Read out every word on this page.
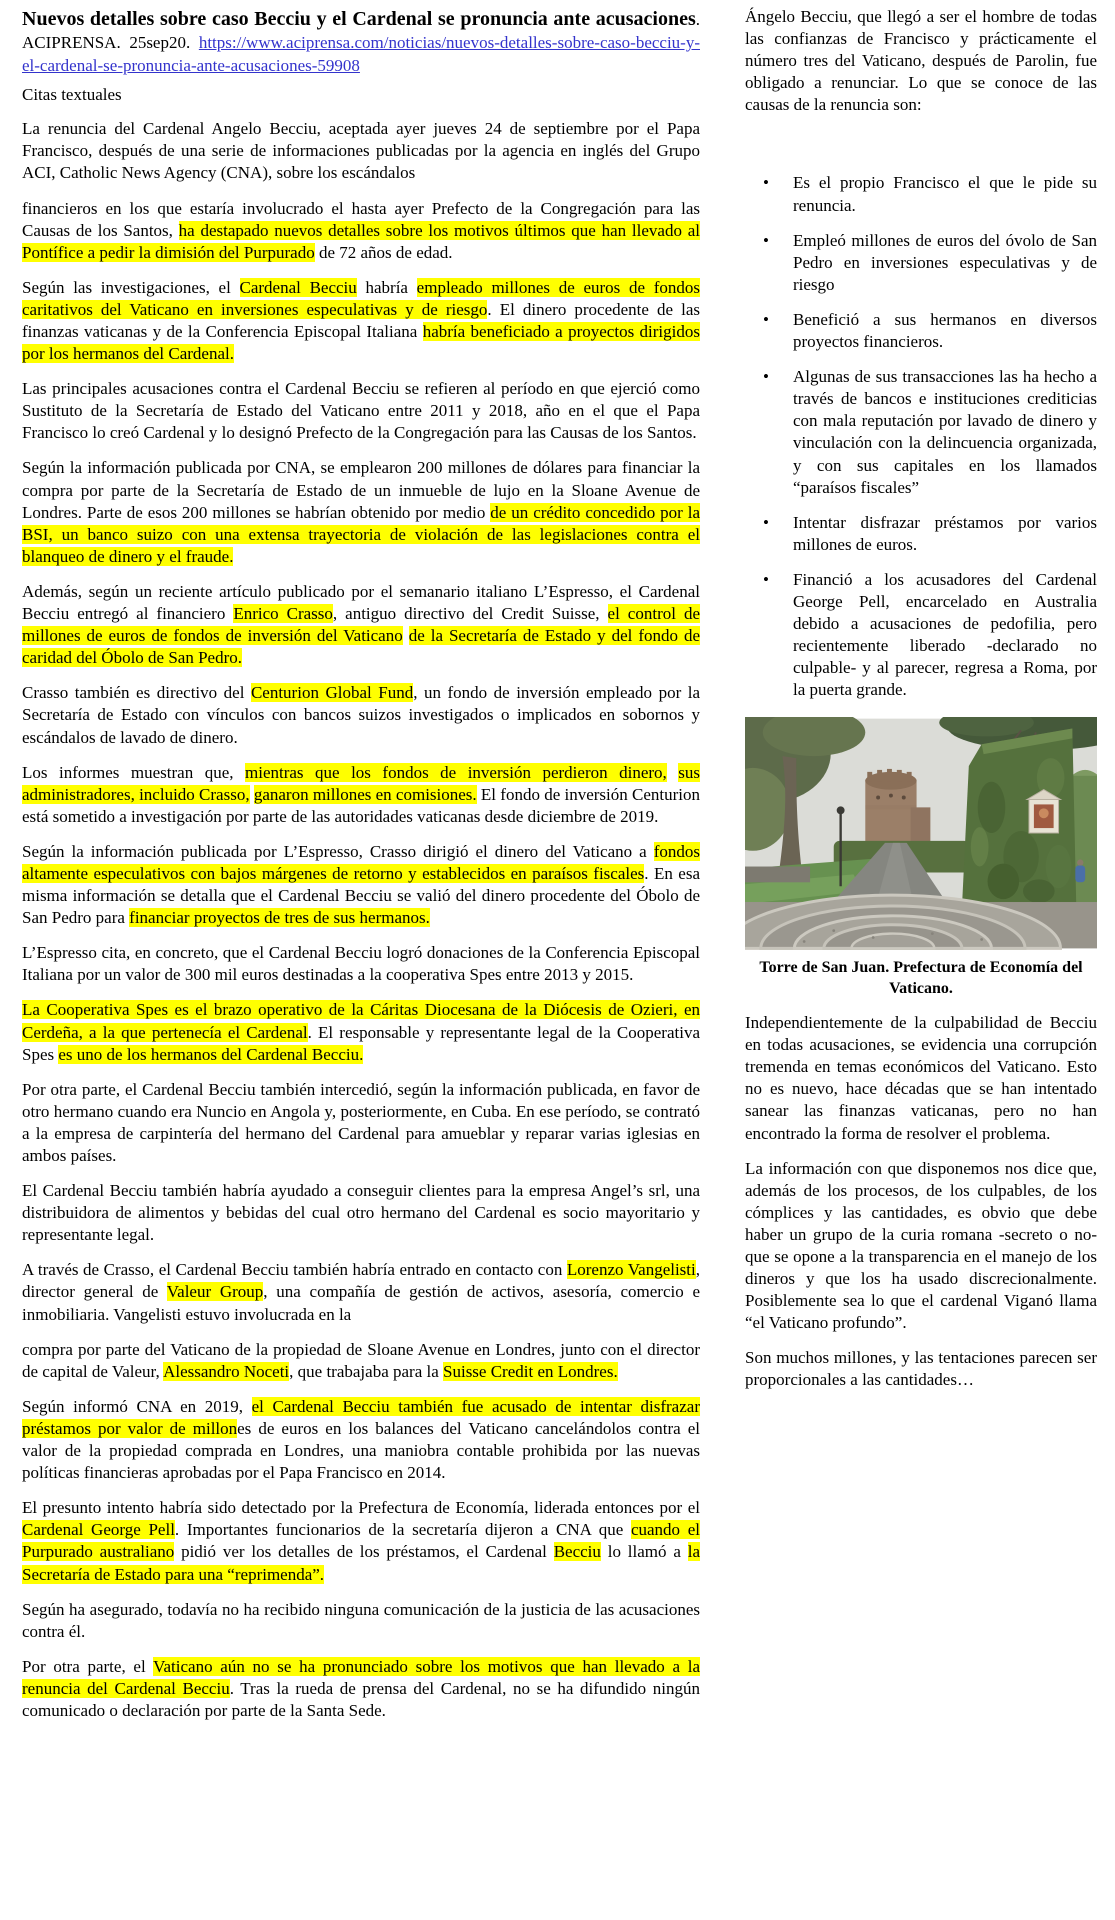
Nuevos detalles sobre caso Becciu y el Cardenal se pronuncia ante acusaciones. ACIPRENSA. 25sep20. https://www.aciprensa.com/noticias/nuevos-detalles-sobre-caso-becciu-y-el-cardenal-se-pronuncia-ante-acusaciones-59908

Citas textuales

La renuncia del Cardenal Angelo Becciu, aceptada ayer jueves 24 de septiembre por el Papa Francisco, después de una serie de informaciones publicadas por la agencia en inglés del Grupo ACI, Catholic News Agency (CNA), sobre los escándalos

financieros en los que estaría involucrado el hasta ayer Prefecto de la Congregación para las Causas de los Santos, ha destapado nuevos detalles sobre los motivos últimos que han llevado al Pontífice a pedir la dimisión del Purpurado de 72 años de edad.

Según las investigaciones, el Cardenal Becciu habría empleado millones de euros de fondos caritativos del Vaticano en inversiones especulativas y de riesgo. El dinero procedente de las finanzas vaticanas y de la Conferencia Episcopal Italiana habría beneficiado a proyectos dirigidos por los hermanos del Cardenal.

Las principales acusaciones contra el Cardenal Becciu se refieren al período en que ejerció como Sustituto de la Secretaría de Estado del Vaticano entre 2011 y 2018, año en el que el Papa Francisco lo creó Cardenal y lo designó Prefecto de la Congregación para las Causas de los Santos.

Según la información publicada por CNA, se emplearon 200 millones de dólares para financiar la compra por parte de la Secretaría de Estado de un inmueble de lujo en la Sloane Avenue de Londres. Parte de esos 200 millones se habrían obtenido por medio de un crédito concedido por la BSI, un banco suizo con una extensa trayectoria de violación de las legislaciones contra el blanqueo de dinero y el fraude.

Además, según un reciente artículo publicado por el semanario italiano L’Espresso, el Cardenal Becciu entregó al financiero Enrico Crasso, antiguo directivo del Credit Suisse, el control de millones de euros de fondos de inversión del Vaticano de la Secretaría de Estado y del fondo de caridad del Óbolo de San Pedro.

Crasso también es directivo del Centurion Global Fund, un fondo de inversión empleado por la Secretaría de Estado con vínculos con bancos suizos investigados o implicados en sobornos y escándalos de lavado de dinero.

Los informes muestran que, mientras que los fondos de inversión perdieron dinero, sus administradores, incluido Crasso, ganaron millones en comisiones. El fondo de inversión Centurion está sometido a investigación por parte de las autoridades vaticanas desde diciembre de 2019.

Según la información publicada por L’Espresso, Crasso dirigió el dinero del Vaticano a fondos altamente especulativos con bajos márgenes de retorno y establecidos en paraísos fiscales. En esa misma información se detalla que el Cardenal Becciu se valió del dinero procedente del Óbolo de San Pedro para financiar proyectos de tres de sus hermanos.

L’Espresso cita, en concreto, que el Cardenal Becciu logró donaciones de la Conferencia Episcopal Italiana por un valor de 300 mil euros destinadas a la cooperativa Spes entre 2013 y 2015.

La Cooperativa Spes es el brazo operativo de la Cáritas Diocesana de la Diócesis de Ozieri, en Cerdeña, a la que pertenecía el Cardenal. El responsable y representante legal de la Cooperativa Spes es uno de los hermanos del Cardenal Becciu.

Por otra parte, el Cardenal Becciu también intercedió, según la información publicada, en favor de otro hermano cuando era Nuncio en Angola y, posteriormente, en Cuba. En ese período, se contrató a la empresa de carpintería del hermano del Cardenal para amueblar y reparar varias iglesias en ambos países.

El Cardenal Becciu también habría ayudado a conseguir clientes para la empresa Angel’s srl, una distribuidora de alimentos y bebidas del cual otro hermano del Cardenal es socio mayoritario y representante legal.

A través de Crasso, el Cardenal Becciu también habría entrado en contacto con Lorenzo Vangelisti, director general de Valeur Group, una compañía de gestión de activos, asesoría, comercio e inmobiliaria. Vangelisti estuvo involucrada en la

compra por parte del Vaticano de la propiedad de Sloane Avenue en Londres, junto con el director de capital de Valeur, Alessandro Noceti, que trabajaba para la Suisse Credit en Londres.

Según informó CNA en 2019, el Cardenal Becciu también fue acusado de intentar disfrazar préstamos por valor de millones de euros en los balances del Vaticano cancelándolos contra el valor de la propiedad comprada en Londres, una maniobra contable prohibida por las nuevas políticas financieras aprobadas por el Papa Francisco en 2014.

El presunto intento habría sido detectado por la Prefectura de Economía, liderada entonces por el Cardenal George Pell. Importantes funcionarios de la secretaría dijeron a CNA que cuando el Purpurado australiano pidió ver los detalles de los préstamos, el Cardenal Becciu lo llamó a la Secretaría de Estado para una “reprimenda”.

Según ha asegurado, todavía no ha recibido ninguna comunicación de la justicia de las acusaciones contra él.

Por otra parte, el Vaticano aún no se ha pronunciado sobre los motivos que han llevado a la renuncia del Cardenal Becciu. Tras la rueda de prensa del Cardenal, no se ha difundido ningún comunicado o declaración por parte de la Santa Sede.

Ángelo Becciu, que llegó a ser el hombre de todas las confianzas de Francisco y prácticamente el número tres del Vaticano, después de Parolin, fue obligado a renunciar. Lo que se conoce de las causas de la renuncia son:

• Es el propio Francisco el que le pide su renuncia.
• Empleó millones de euros del óvolo de San Pedro en inversiones especulativas y de riesgo
• Benefició a sus hermanos en diversos proyectos financieros.
• Algunas de sus transacciones las ha hecho a través de bancos e instituciones crediticias con mala reputación por lavado de dinero y vinculación con la delincuencia organizada, y con sus capitales en los llamados “paraísos fiscales”
• Intentar disfrazar préstamos por varios millones de euros.
• Financió a los acusadores del Cardenal George Pell, encarcelado en Australia debido a acusaciones de pedofilia, pero recientemente liberado -declarado no culpable- y al parecer, regresa a Roma, por la puerta grande.
Torre de San Juan. Prefectura de Economía del Vaticano.

Independientemente de la culpabilidad de Becciu en todas acusaciones, se evidencia una corrupción tremenda en temas económicos del Vaticano. Esto no es nuevo, hace décadas que se han intentado sanear las finanzas vaticanas, pero no han encontrado la forma de resolver el problema.

La información con que disponemos nos dice que, además de los procesos, de los culpables, de los cómplices y las cantidades, es obvio que debe haber un grupo de la curia romana -secreto o no- que se opone a la transparencia en el manejo de los dineros y que los ha usado discrecionalmente. Posiblemente sea lo que el cardenal Viganó llama “el Vaticano profundo”.

Son muchos millones, y las tentaciones parecen ser proporcionales a las cantidades…
